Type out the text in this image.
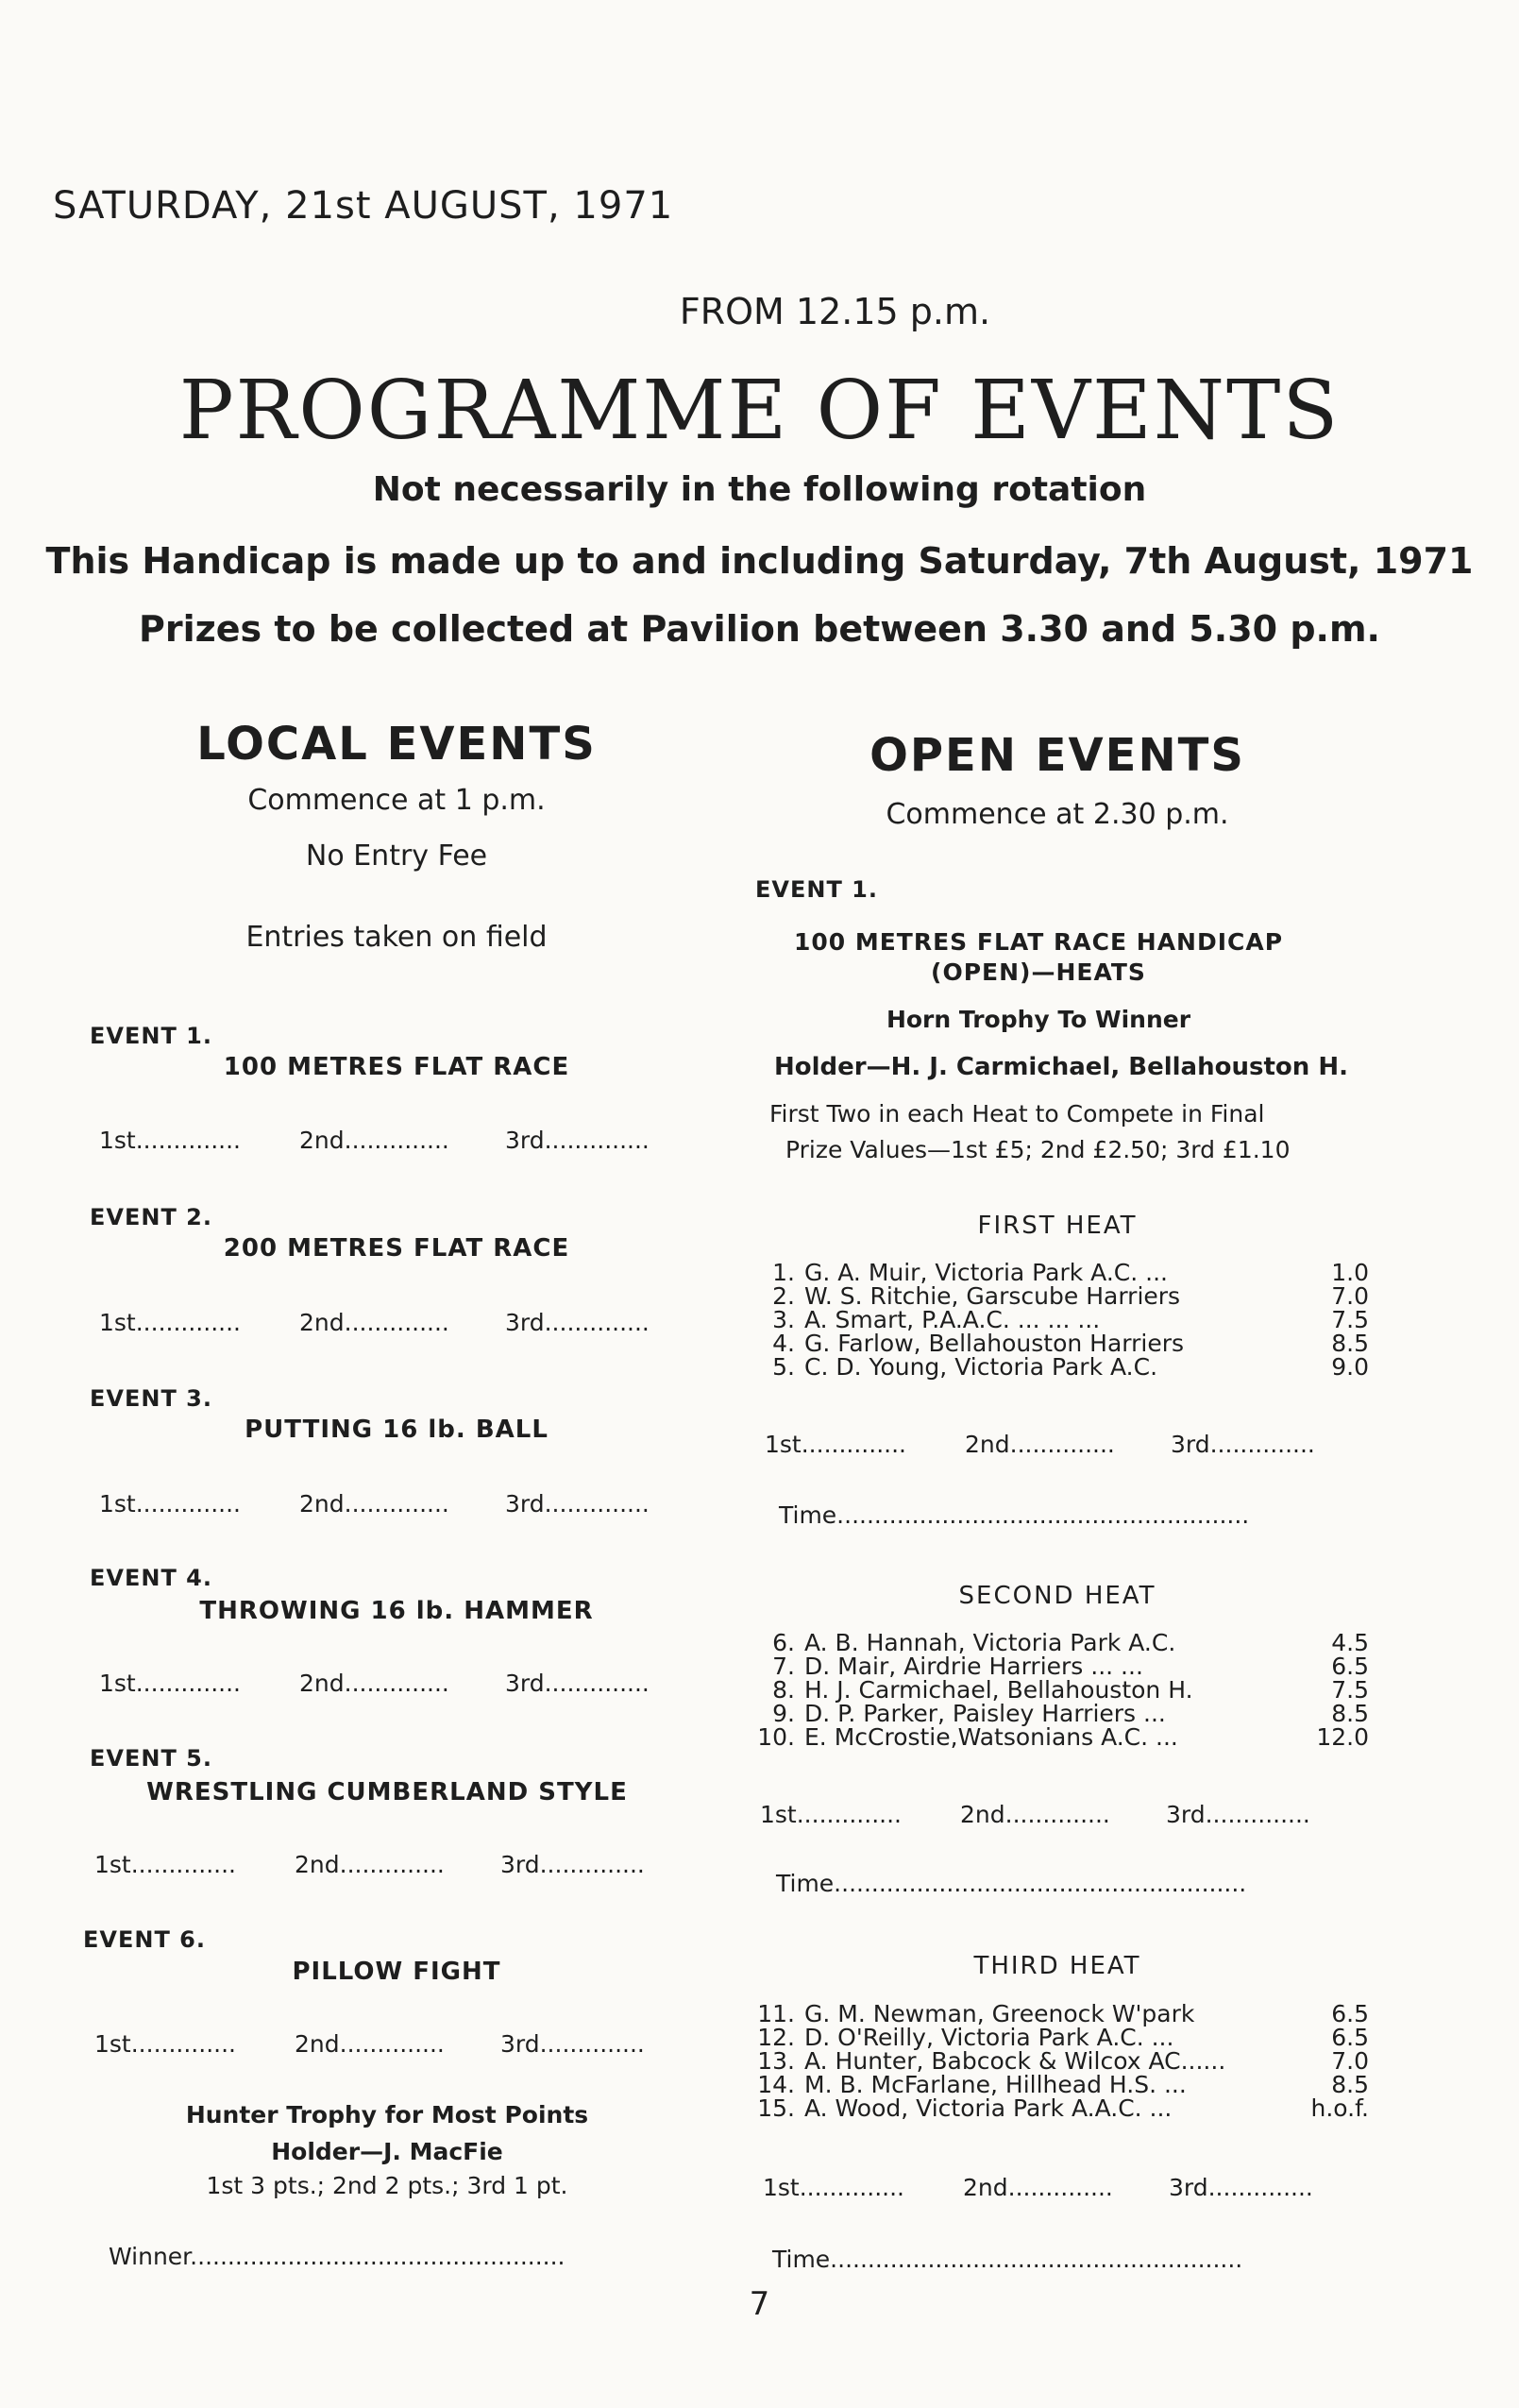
SATURDAY, 21st AUGUST, 1971
FROM 12.15 p.m.
PROGRAMME OF EVENTS
Not necessarily in the following rotation
This Handicap is made up to and including Saturday, 7th August, 1971
Prizes to be collected at Pavilion between 3.30 and 5.30 p.m.
LOCAL EVENTS
Commence at 1 p.m.
No Entry Fee
Entries taken on field
EVENT 1.
100 METRES FLAT RACE
1st..............	2nd..............	3rd..............
EVENT 2.
200 METRES FLAT RACE
1st..............	2nd..............	3rd..............
EVENT 3.
PUTTING 16 lb. BALL
1st..............	2nd..............	3rd..............
EVENT 4.
THROWING 16 lb. HAMMER
1st..............	2nd..............	3rd..............
EVENT 5.
WRESTLING CUMBERLAND STYLE
1st..............	2nd..............	3rd..............
EVENT 6.
PILLOW FIGHT
1st..............	2nd..............	3rd..............
Hunter Trophy for Most Points
Holder—J. MacFie
1st 3 pts.; 2nd 2 pts.; 3rd 1 pt.
Winner..................................................
OPEN EVENTS
Commence at 2.30 p.m.
EVENT 1.
100 METRES FLAT RACE HANDICAP
(OPEN)—HEATS
Horn Trophy To Winner
Holder—H. J. Carmichael, Bellahouston H.
First Two in each Heat to Compete in Final
Prize Values—1st £5; 2nd £2.50; 3rd £1.10
FIRST HEAT
1. G. A. Muir, Victoria Park A.C. ...	1.0
2. W. S. Ritchie, Garscube Harriers	7.0
3. A. Smart, P.A.A.C. ... ... ...	7.5
4. G. Farlow, Bellahouston Harriers	8.5
5. C. D. Young, Victoria Park A.C.	9.0
1st..............	2nd..............	3rd..............
Time.......................................................
SECOND HEAT
6. A. B. Hannah, Victoria Park A.C.	4.5
7. D. Mair, Airdrie Harriers ... ...	6.5
8. H. J. Carmichael, Bellahouston H.	7.5
9. D. P. Parker, Paisley Harriers ...	8.5
10. E. McCrostie,Watsonians A.C. ...	12.0
1st..............	2nd..............	3rd..............
Time.......................................................
THIRD HEAT
11. G. M. Newman, Greenock W'park	6.5
12. D. O'Reilly, Victoria Park A.C. ...	6.5
13. A. Hunter, Babcock & Wilcox AC......	7.0
14. M. B. McFarlane, Hillhead H.S. ...	8.5
15. A. Wood, Victoria Park A.A.C. ...	h.o.f.
1st..............	2nd..............	3rd..............
Time.......................................................
7
